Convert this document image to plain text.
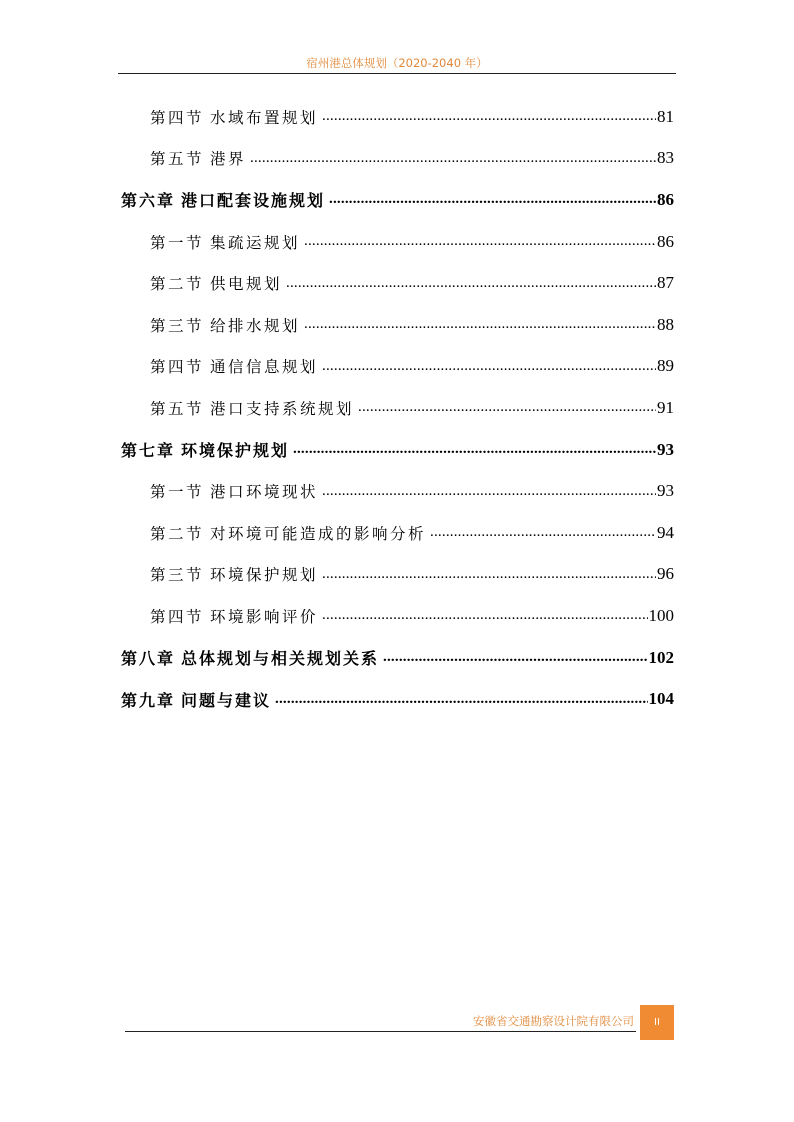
宿州港总体规划（2020-2040 年）
第四节 水域布置规划 .....	81
第五节 港界 .....	83
第六章 港口配套设施规划 .....	86
第一节 集疏运规划 .....	86
第二节 供电规划 .....	87
第三节 给排水规划 .....	88
第四节 通信信息规划 .....	89
第五节 港口支持系统规划 .....	91
第七章 环境保护规划 .....	93
第一节 港口环境现状 .....	93
第二节 对环境可能造成的影响分析 .....	94
第三节 环境保护规划 .....	96
第四节 环境影响评价 .....	100
第八章 总体规划与相关规划关系 .....	102
第九章 问题与建议 .....	104
安徽省交通勘察设计院有限公司 II
